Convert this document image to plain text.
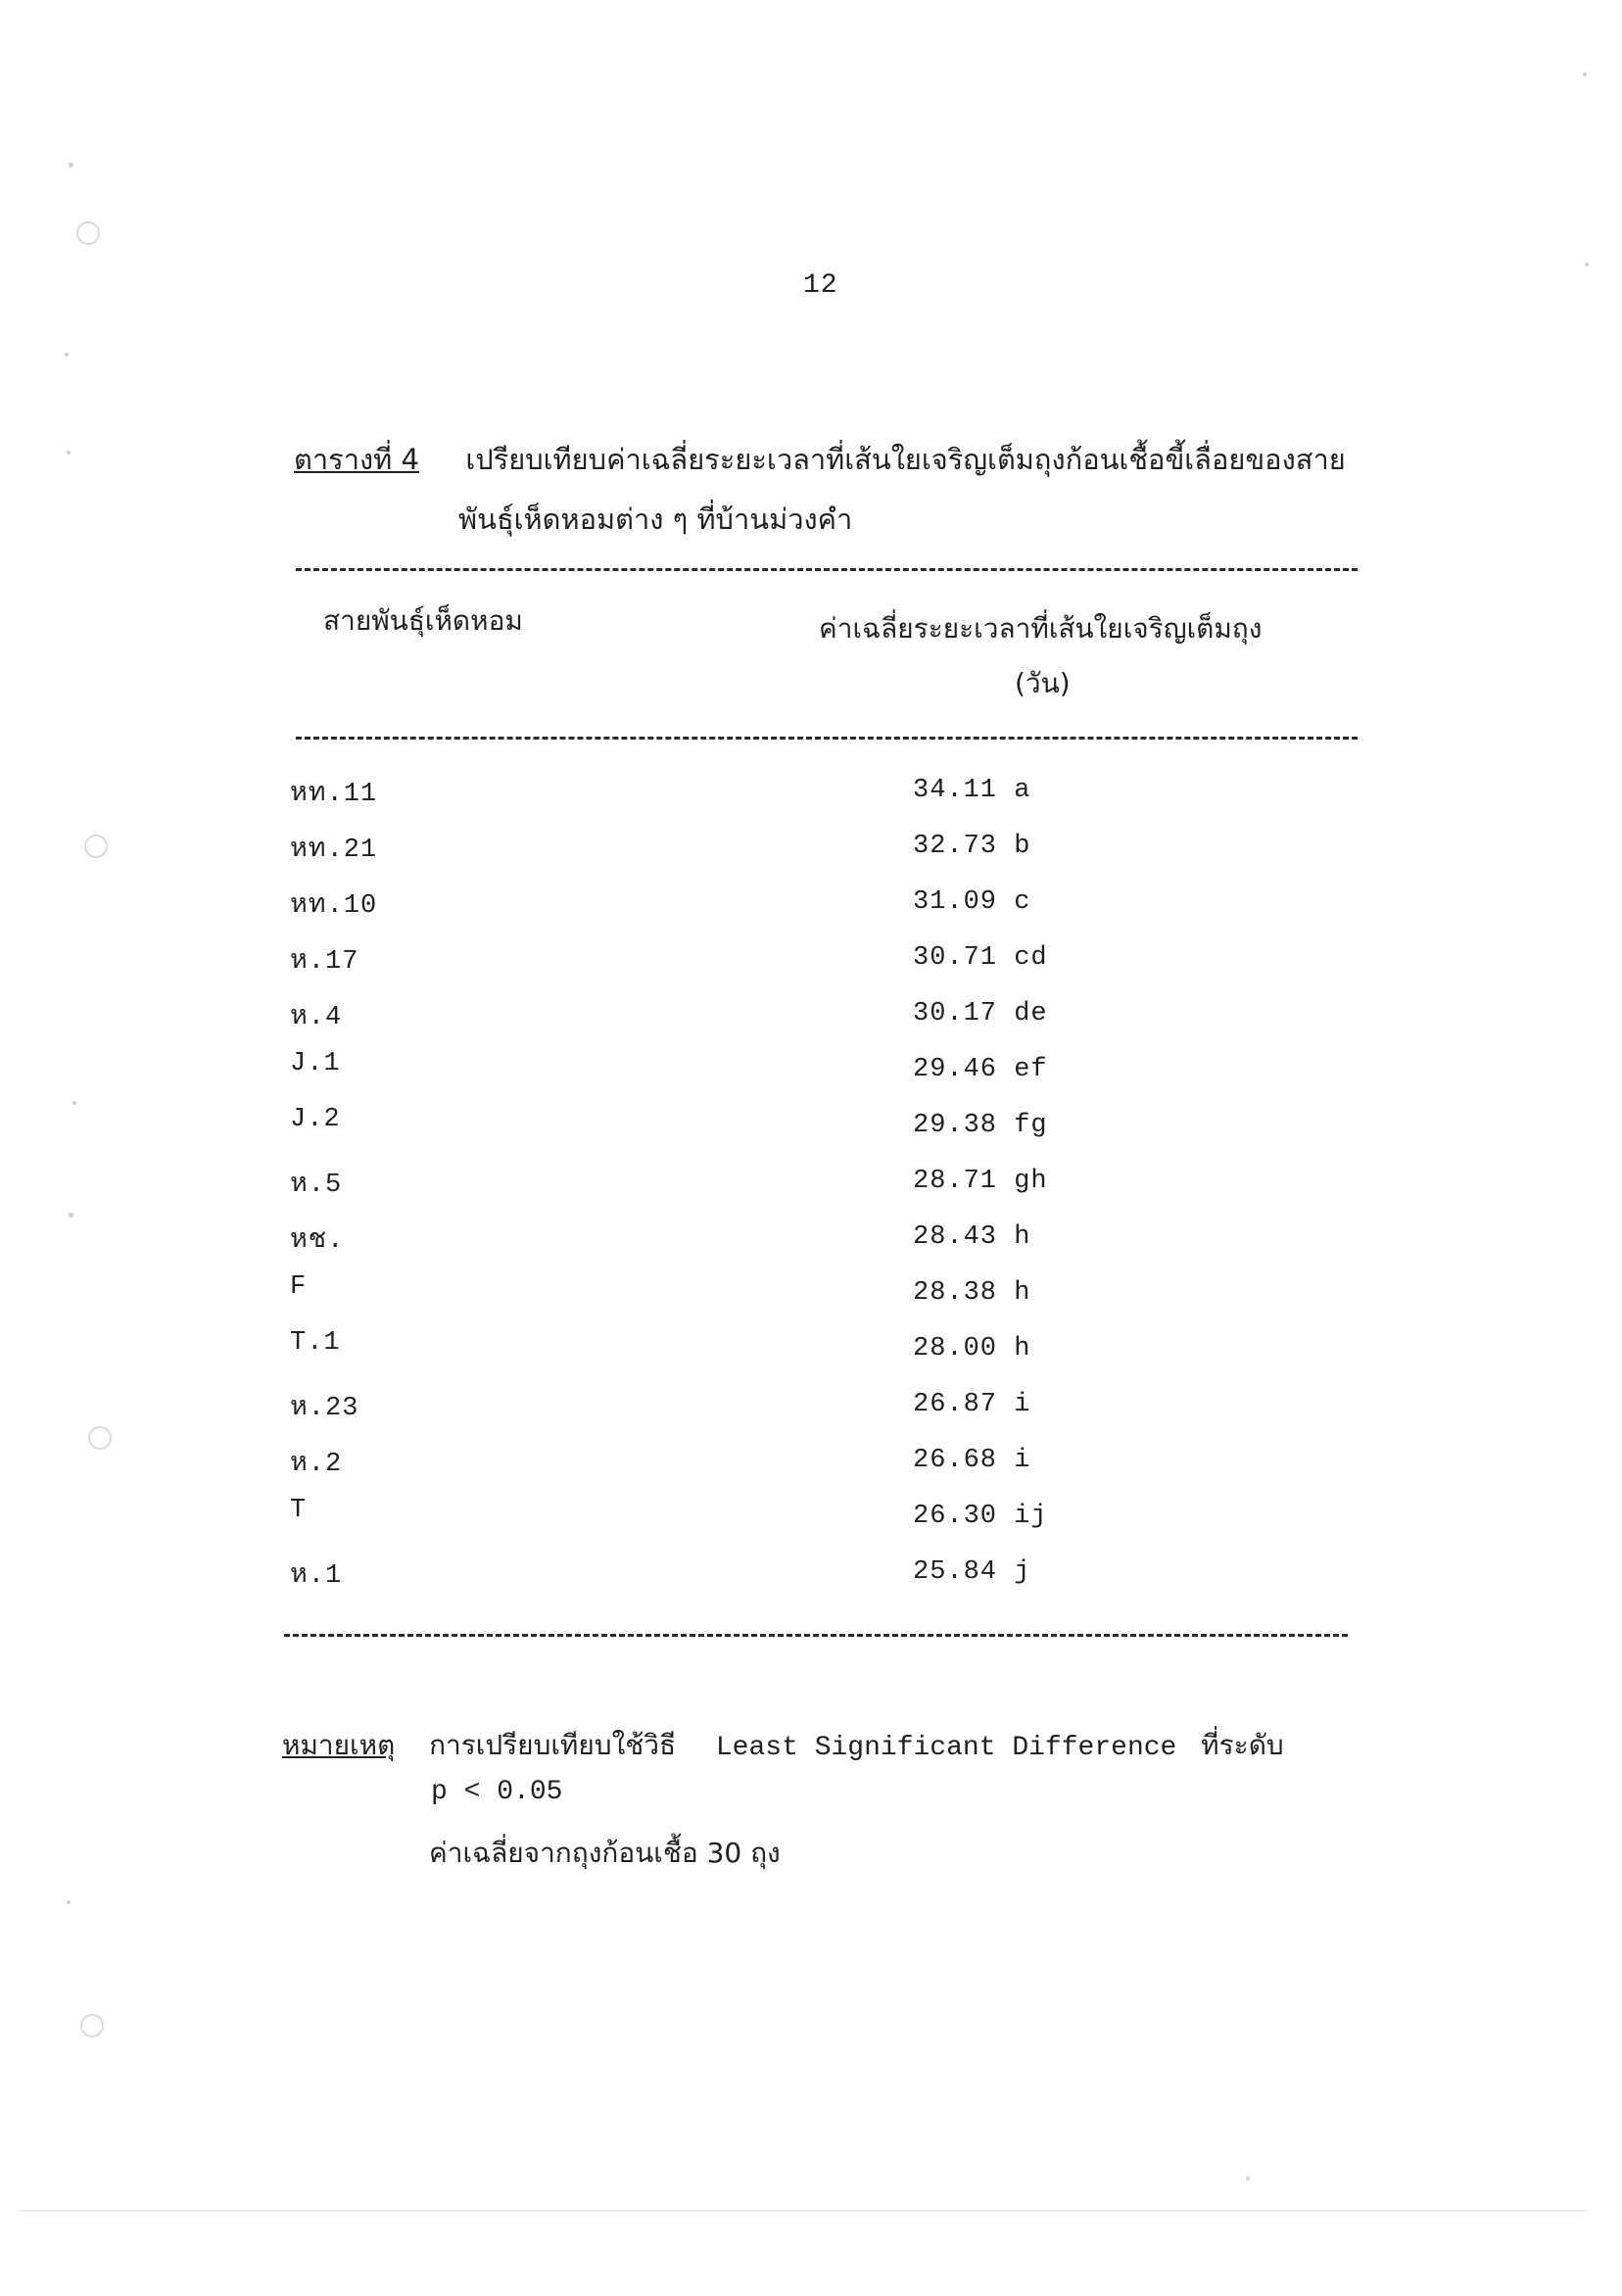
12
ตารางที่ 4 เปรียบเทียบค่าเฉลี่ยระยะเวลาที่เส้นใยเจริญเต็มถุงก้อนเชื้อขี้เลื่อยของสาย
พันธุ์เห็ดหอมต่าง ๆ ที่บ้านม่วงคำ
สายพันธุ์เห็ดหอม	ค่าเฉลี่ยระยะเวลาที่เส้นใยเจริญเต็มถุง
(วัน)
หท.11	34.11 a
หท.21	32.73 b
หท.10	31.09 c
ห.17	30.71 cd
ห.4	30.17 de
J.1	29.46 ef
J.2	29.38 fg
ห.5	28.71 gh
หช.	28.43 h
F	28.38 h
T.1	28.00 h
ห.23	26.87 i
ห.2	26.68 i
T	26.30 ij
ห.1	25.84 j
หมายเหตุ การเปรียบเทียบใช้วิธี Least Significant Difference ที่ระดับ
p < 0.05
ค่าเฉลี่ยจากถุงก้อนเชื้อ 30 ถุง
